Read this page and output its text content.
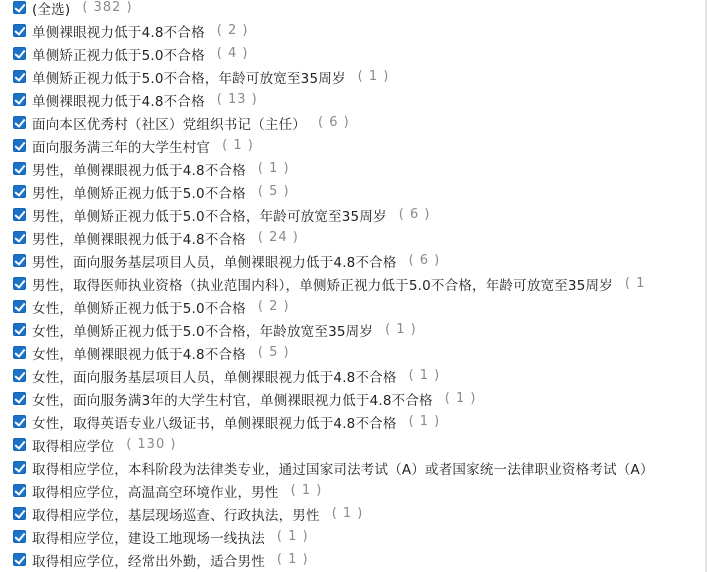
(全选) ( 382 )
单侧裸眼视力低于4.8不合格 ( 2 )
单侧矫正视力低于5.0不合格 ( 4 )
单侧矫正视力低于5.0不合格，年龄可放宽至35周岁 ( 1 )
单侧裸眼视力低于4.8不合格 ( 13 )
面向本区优秀村（社区）党组织书记（主任） ( 6 )
面向服务满三年的大学生村官 ( 1 )
男性，单侧裸眼视力低于4.8不合格 ( 1 )
男性，单侧矫正视力低于5.0不合格 ( 5 )
男性，单侧矫正视力低于5.0不合格，年龄可放宽至35周岁 ( 6 )
男性，单侧裸眼视力低于4.8不合格 ( 24 )
男性，面向服务基层项目人员，单侧裸眼视力低于4.8不合格 ( 6 )
男性，取得医师执业资格（执业范围内科），单侧矫正视力低于5.0不合格，年龄可放宽至35周岁 ( 1
女性，单侧矫正视力低于5.0不合格 ( 2 )
女性，单侧矫正视力低于5.0不合格，年龄放宽至35周岁 ( 1 )
女性，单侧裸眼视力低于4.8不合格 ( 5 )
女性，面向服务基层项目人员，单侧裸眼视力低于4.8不合格 ( 1 )
女性，面向服务满3年的大学生村官，单侧裸眼视力低于4.8不合格 ( 1 )
女性，取得英语专业八级证书，单侧裸眼视力低于4.8不合格 ( 1 )
取得相应学位 ( 130 )
取得相应学位，本科阶段为法律类专业，通过国家司法考试（A）或者国家统一法律职业资格考试（A）
取得相应学位，高温高空环境作业，男性 ( 1 )
取得相应学位，基层现场巡查、行政执法，男性 ( 1 )
取得相应学位，建设工地现场一线执法 ( 1 )
取得相应学位，经常出外勤，适合男性 ( 1 )
